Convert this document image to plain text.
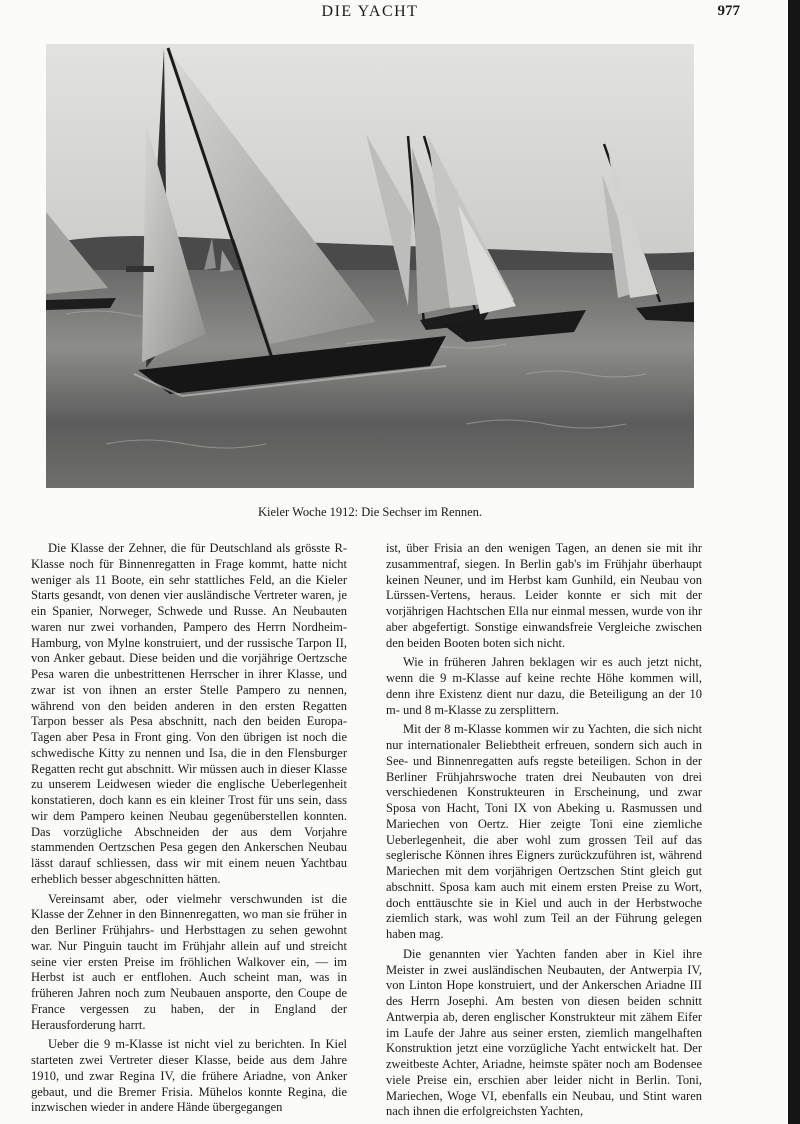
DIE YACHT	977
Kieler Woche 1912: Die Sechser im Rennen.

Die Klasse der Zehner, die für Deutschland als grösste R-Klasse noch für Binnenregatten in Frage kommt, hatte nicht weniger als 11 Boote, ein sehr stattliches Feld, an die Kieler Starts gesandt, von denen vier ausländische Vertreter waren, je ein Spanier, Norweger, Schwede und Russe. An Neubauten waren nur zwei vorhanden, Pampero des Herrn Nordheim-Hamburg, von Mylne konstruiert, und der russische Tarpon II, von Anker gebaut. Diese beiden und die vorjährige Oertzsche Pesa waren die unbestrittenen Herrscher in ihrer Klasse, und zwar ist von ihnen an erster Stelle Pampero zu nennen, während von den beiden anderen in den ersten Regatten Tarpon besser als Pesa abschnitt, nach den beiden Europa-Tagen aber Pesa in Front ging. Von den übrigen ist noch die schwedische Kitty zu nennen und Isa, die in den Flensburger Regatten recht gut abschnitt. Wir müssen auch in dieser Klasse zu unserem Leidwesen wieder die englische Ueberlegenheit konstatieren, doch kann es ein kleiner Trost für uns sein, dass wir dem Pampero keinen Neubau gegenüberstellen konnten. Das vorzügliche Abschneiden der aus dem Vorjahre stammenden Oertzschen Pesa gegen den Ankerschen Neubau lässt darauf schliessen, dass wir mit einem neuen Yachtbau erheblich besser abgeschnitten hätten.

Vereinsamt aber, oder vielmehr verschwunden ist die Klasse der Zehner in den Binnenregatten, wo man sie früher in den Berliner Frühjahrs- und Herbsttagen zu sehen gewohnt war. Nur Pinguin taucht im Frühjahr allein auf und streicht seine vier ersten Preise im fröhlichen Walkover ein, — im Herbst ist auch er entflohen. Auch scheint man, was in früheren Jahren noch zum Neubauen ansporte, den Coupe de France vergessen zu haben, der in England der Herausforderung harrt.

Ueber die 9 m-Klasse ist nicht viel zu berichten. In Kiel starteten zwei Vertreter dieser Klasse, beide aus dem Jahre 1910, und zwar Regina IV, die frühere Ariadne, von Anker gebaut, und die Bremer Frisia. Mühelos konnte Regina, die inzwischen wieder in andere Hände übergegangen

ist, über Frisia an den wenigen Tagen, an denen sie mit ihr zusammentraf, siegen. In Berlin gab's im Frühjahr überhaupt keinen Neuner, und im Herbst kam Gunhild, ein Neubau von Lürssen-Vertens, heraus. Leider konnte er sich mit der vorjährigen Hachtschen Ella nur einmal messen, wurde von ihr aber abgefertigt. Sonstige einwandsfreie Vergleiche zwischen den beiden Booten boten sich nicht.

Wie in früheren Jahren beklagen wir es auch jetzt nicht, wenn die 9 m-Klasse auf keine rechte Höhe kommen will, denn ihre Existenz dient nur dazu, die Beteiligung an der 10 m- und 8 m-Klasse zu zersplittern.

Mit der 8 m-Klasse kommen wir zu Yachten, die sich nicht nur internationaler Beliebtheit erfreuen, sondern sich auch in See- und Binnenregatten aufs regste beteiligen. Schon in der Berliner Frühjahrswoche traten drei Neubauten von drei verschiedenen Konstrukteuren in Erscheinung, und zwar Sposa von Hacht, Toni IX von Abeking u. Rasmussen und Mariechen von Oertz. Hier zeigte Toni eine ziemliche Ueberlegenheit, die aber wohl zum grossen Teil auf das seglerische Können ihres Eigners zurückzuführen ist, während Mariechen mit dem vorjährigen Oertzschen Stint gleich gut abschnitt. Sposa kam auch mit einem ersten Preise zu Wort, doch enttäuschte sie in Kiel und auch in der Herbstwoche ziemlich stark, was wohl zum Teil an der Führung gelegen haben mag.

Die genannten vier Yachten fanden aber in Kiel ihre Meister in zwei ausländischen Neubauten, der Antwerpia IV, von Linton Hope konstruiert, und der Ankerschen Ariadne III des Herrn Josephi. Am besten von diesen beiden schnitt Antwerpia ab, deren englischer Konstrukteur mit zähem Eifer im Laufe der Jahre aus seiner ersten, ziemlich mangelhaften Konstruktion jetzt eine vorzügliche Yacht entwickelt hat. Der zweitbeste Achter, Ariadne, heimste später noch am Bodensee viele Preise ein, erschien aber leider nicht in Berlin. Toni, Mariechen, Woge VI, ebenfalls ein Neubau, und Stint waren nach ihnen die erfolgreichsten Yachten,
